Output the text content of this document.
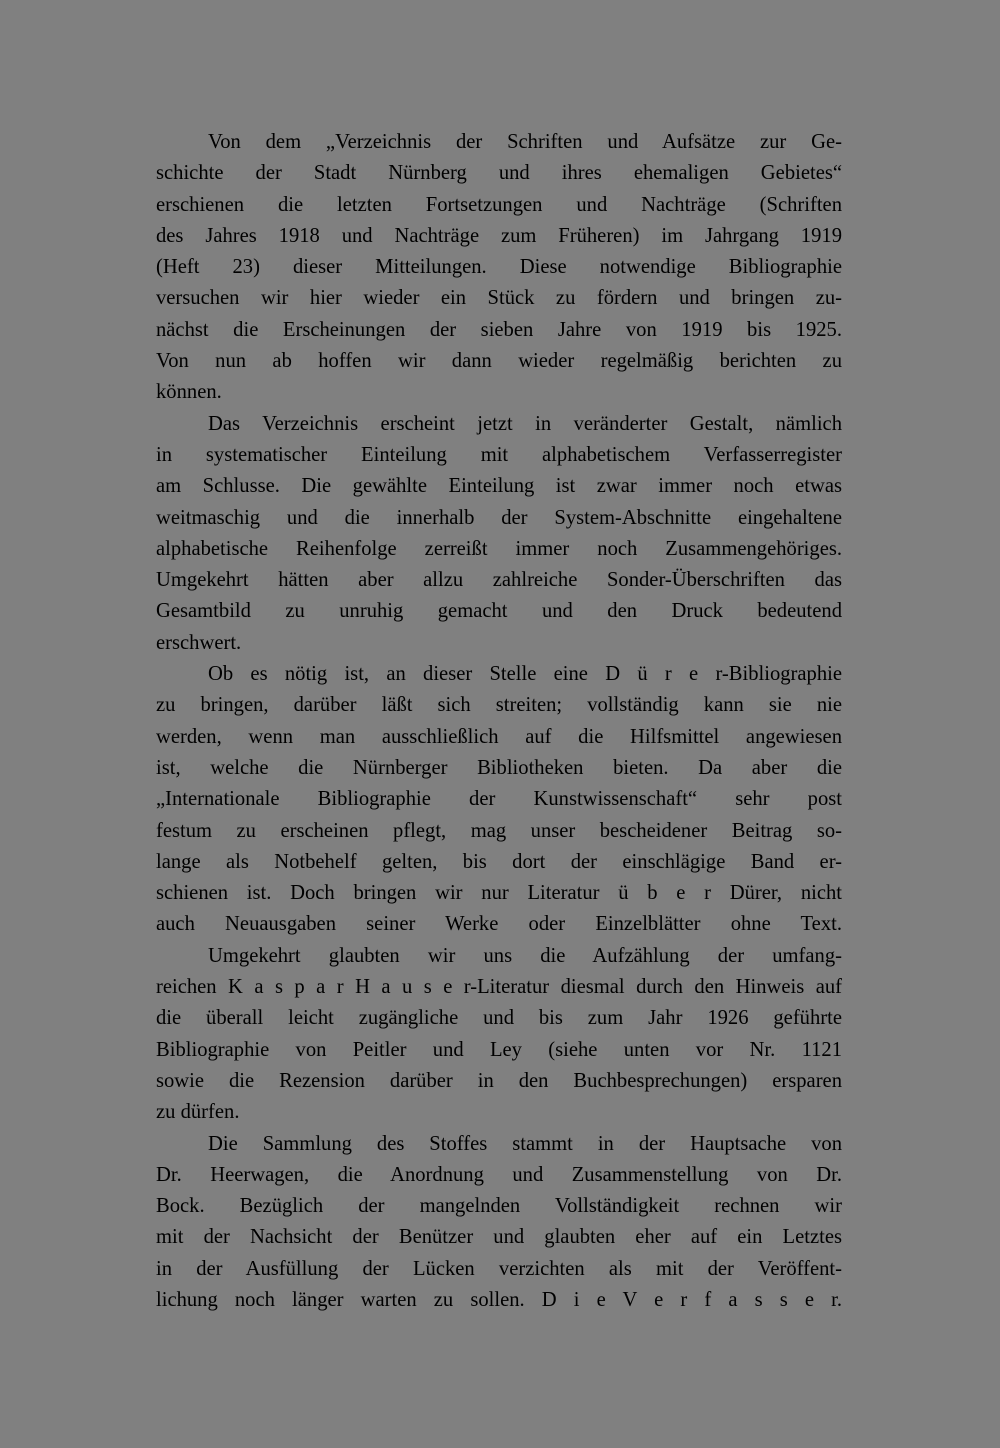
Von dem „Verzeichnis der Schriften und Aufsätze zur Ge-
schichte der Stadt Nürnberg und ihres ehemaligen Gebietes“
erschienen die letzten Fortsetzungen und Nachträge (Schriften
des Jahres 1918 und Nachträge zum Früheren) im Jahrgang 1919
(Heft 23) dieser Mitteilungen. Diese notwendige Bibliographie
versuchen wir hier wieder ein Stück zu fördern und bringen zu-
nächst die Erscheinungen der sieben Jahre von 1919 bis 1925.
Von nun ab hoffen wir dann wieder regelmäßig berichten zu
können.
Das Verzeichnis erscheint jetzt in veränderter Gestalt, nämlich
in systematischer Einteilung mit alphabetischem Verfasserregister
am Schlusse. Die gewählte Einteilung ist zwar immer noch etwas
weitmaschig und die innerhalb der System-Abschnitte eingehaltene
alphabetische Reihenfolge zerreißt immer noch Zusammengehöriges.
Umgekehrt hätten aber allzu zahlreiche Sonder-Überschriften das
Gesamtbild zu unruhig gemacht und den Druck bedeutend
erschwert.
Ob es nötig ist, an dieser Stelle eine D ü r e r-Bibliographie
zu bringen, darüber läßt sich streiten; vollständig kann sie nie
werden, wenn man ausschließlich auf die Hilfsmittel angewiesen
ist, welche die Nürnberger Bibliotheken bieten. Da aber die
„Internationale Bibliographie der Kunstwissenschaft“ sehr post
festum zu erscheinen pflegt, mag unser bescheidener Beitrag so-
lange als Notbehelf gelten, bis dort der einschlägige Band er-
schienen ist. Doch bringen wir nur Literatur ü b e r Dürer, nicht
auch Neuausgaben seiner Werke oder Einzelblätter ohne Text.
Umgekehrt glaubten wir uns die Aufzählung der umfang-
reichen K a s p a r H a u s e r-Literatur diesmal durch den Hinweis auf
die überall leicht zugängliche und bis zum Jahr 1926 geführte
Bibliographie von Peitler und Ley (siehe unten vor Nr. 1121
sowie die Rezension darüber in den Buchbesprechungen) ersparen
zu dürfen.
Die Sammlung des Stoffes stammt in der Hauptsache von
Dr. Heerwagen, die Anordnung und Zusammenstellung von Dr.
Bock. Bezüglich der mangelnden Vollständigkeit rechnen wir
mit der Nachsicht der Benützer und glaubten eher auf ein Letztes
in der Ausfüllung der Lücken verzichten als mit der Veröffent-
lichung noch länger warten zu sollen. D i e V e r f a s s e r.
